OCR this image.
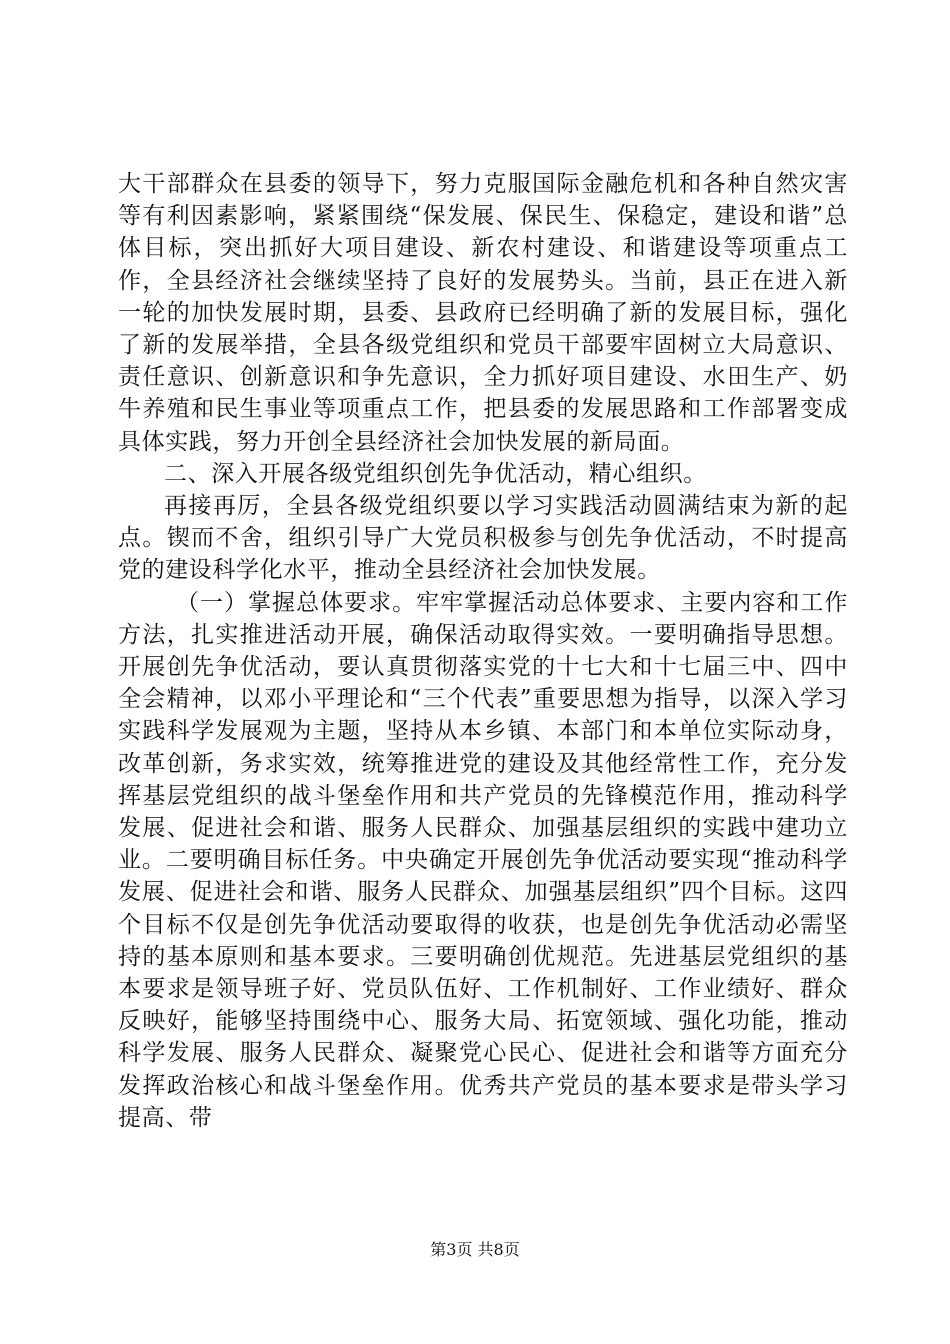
大干部群众在县委的领导下，努力克服国际金融危机和各种自然灾害等有利因素影响，紧紧围绕“保发展、保民生、保稳定，建设和谐”总体目标，突出抓好大项目建设、新农村建设、和谐建设等项重点工作，全县经济社会继续坚持了良好的发展势头。当前，县正在进入新一轮的加快发展时期，县委、县政府已经明确了新的发展目标，强化了新的发展举措，全县各级党组织和党员干部要牢固树立大局意识、责任意识、创新意识和争先意识，全力抓好项目建设、水田生产、奶牛养殖和民生事业等项重点工作，把县委的发展思路和工作部署变成具体实践，努力开创全县经济社会加快发展的新局面。

二、深入开展各级党组织创先争优活动，精心组织。

再接再厉，全县各级党组织要以学习实践活动圆满结束为新的起点。锲而不舍，组织引导广大党员积极参与创先争优活动，不时提高党的建设科学化水平，推动全县经济社会加快发展。

（一）掌握总体要求。牢牢掌握活动总体要求、主要内容和工作方法，扎实推进活动开展，确保活动取得实效。一要明确指导思想。开展创先争优活动，要认真贯彻落实党的十七大和十七届三中、四中全会精神，以邓小平理论和“三个代表”重要思想为指导，以深入学习实践科学发展观为主题，坚持从本乡镇、本部门和本单位实际动身，改革创新，务求实效，统筹推进党的建设及其他经常性工作，充分发挥基层党组织的战斗堡垒作用和共产党员的先锋模范作用，推动科学发展、促进社会和谐、服务人民群众、加强基层组织的实践中建功立业。二要明确目标任务。中央确定开展创先争优活动要实现“推动科学发展、促进社会和谐、服务人民群众、加强基层组织”四个目标。这四个目标不仅是创先争优活动要取得的收获，也是创先争优活动必需坚持的基本原则和基本要求。三要明确创优规范。先进基层党组织的基本要求是领导班子好、党员队伍好、工作机制好、工作业绩好、群众反映好，能够坚持围绕中心、服务大局、拓宽领域、强化功能，推动科学发展、服务人民群众、凝聚党心民心、促进社会和谐等方面充分发挥政治核心和战斗堡垒作用。优秀共产党员的基本要求是带头学习提高、带

第3页 共8页
